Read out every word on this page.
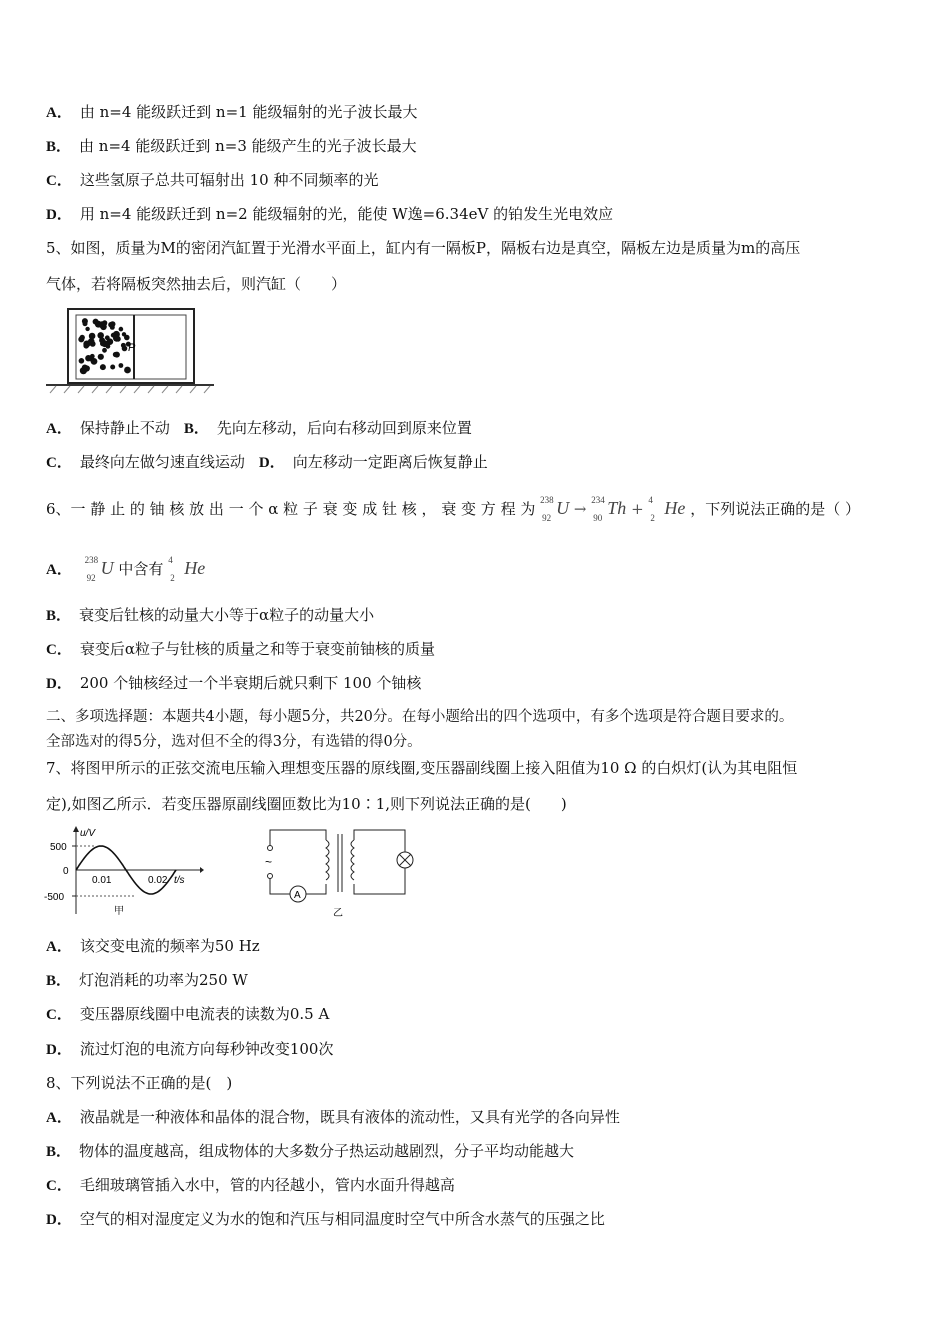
A． 由 n=4 能级跃迁到 n=1 能级辐射的光子波长最大
B． 由 n=4 能级跃迁到 n=3 能级产生的光子波长最大
C． 这些氢原子总共可辐射出 10 种不同频率的光
D． 用 n=4 能级跃迁到 n=2 能级辐射的光，能使 W逸=6.34eV 的铂发生光电效应
5、如图，质量为M的密闭汽缸置于光滑水平面上，缸内有一隔板P，隔板右边是真空，隔板左边是质量为m的高压
气体，若将隔板突然抽去后，则汽缸（　　）
P
A． 保持静止不动 B． 先向左移动，后向右移动回到原来位置
C． 最终向左做匀速直线运动 D． 向左移动一定距离后恢复静止
6、一 静 止 的 铀 核 放 出 一 个 α 粒 子 衰 变 成 钍 核 ， 衰 变 方 程 为 238
92 U → 234
90 Th + 4
2 He ，下列说法正确的是（ ）
A．
238
92 U 中含有 4
2 He
B． 衰变后钍核的动量大小等于α粒子的动量大小
C． 衰变后α粒子与钍核的质量之和等于衰变前铀核的质量
D． 200 个铀核经过一个半衰期后就只剩下 100 个铀核
二、多项选择题：本题共4小题，每小题5分，共20分。在每小题给出的四个选项中，有多个选项是符合题目要求的。
全部选对的得5分，选对但不全的得3分，有选错的得0分。
7、将图甲所示的正弦交流电压输入理想变压器的原线圈,变压器副线圈上接入阻值为10 Ω 的白炽灯(认为其电阻恒
定),如图乙所示．若变压器原副线圈匝数比为10∶1,则下列说法正确的是(　　)
u/V
500
0
-500
0.01	0.02 t/s
甲
~
A
乙
A． 该交变电流的频率为50 Hz
B． 灯泡消耗的功率为250 W
C． 变压器原线圈中电流表的读数为0.5 A
D． 流过灯泡的电流方向每秒钟改变100次
8、下列说法不正确的是(　)
A． 液晶就是一种液体和晶体的混合物，既具有液体的流动性，又具有光学的各向异性
B． 物体的温度越高，组成物体的大多数分子热运动越剧烈，分子平均动能越大
C． 毛细玻璃管插入水中，管的内径越小，管内水面升得越高
D． 空气的相对湿度定义为水的饱和汽压与相同温度时空气中所含水蒸气的压强之比
